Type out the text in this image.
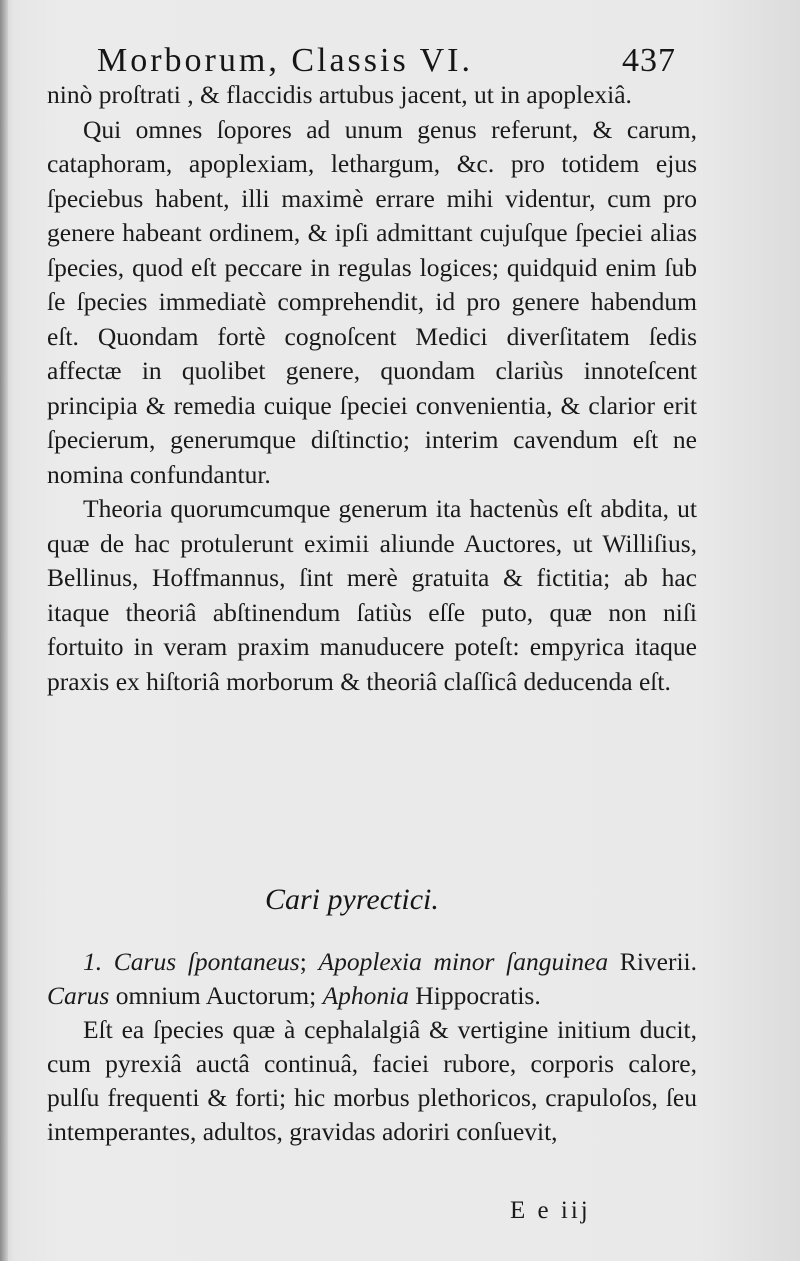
Morborum, Classis VI.	437

ninò proſtrati , & flaccidis artubus jacent, ut in apoplexiâ.

Qui omnes ſopores ad unum genus referunt, & carum, cataphoram, apoplexiam, lethargum, &c. pro totidem ejus ſpeciebus habent, illi maximè errare mihi videntur, cum pro genere habeant ordinem, & ipſi admittant cujuſque ſpeciei alias ſpecies, quod eſt peccare in regulas logices; quidquid enim ſub ſe ſpecies immediatè comprehendit, id pro genere habendum eſt. Quondam fortè cognoſcent Medici diverſitatem ſedis affectæ in quolibet genere, quondam clariùs innoteſcent principia & remedia cuique ſpeciei convenientia, & clarior erit ſpecierum, generumque diſtinctio; interim cavendum eſt ne nomina confundantur.

Theoria quorumcumque generum ita hactenùs eſt abdita, ut quæ de hac protulerunt eximii aliunde Auctores, ut Williſius, Bellinus, Hoffmannus, ſint merè gratuita & fictitia; ab hac itaque theoriâ abſtinendum ſatiùs eſſe puto, quæ non niſi fortuito in veram praxim manuducere poteſt: empyrica itaque praxis ex hiſtoriâ morborum & theoriâ claſſicâ deducenda eſt.

Cari pyrectici.

1. Carus ſpontaneus; Apoplexia minor ſanguinea Riverii. Carus omnium Auctorum; Aphonia Hippocratis.

Eſt ea ſpecies quæ à cephalalgiâ & vertigine initium ducit, cum pyrexiâ auctâ continuâ, faciei rubore, corporis calore, pulſu frequenti & forti; hic morbus plethoricos, crapuloſos, ſeu intemperantes, adultos, gravidas adoriri conſuevit,

E e iij
